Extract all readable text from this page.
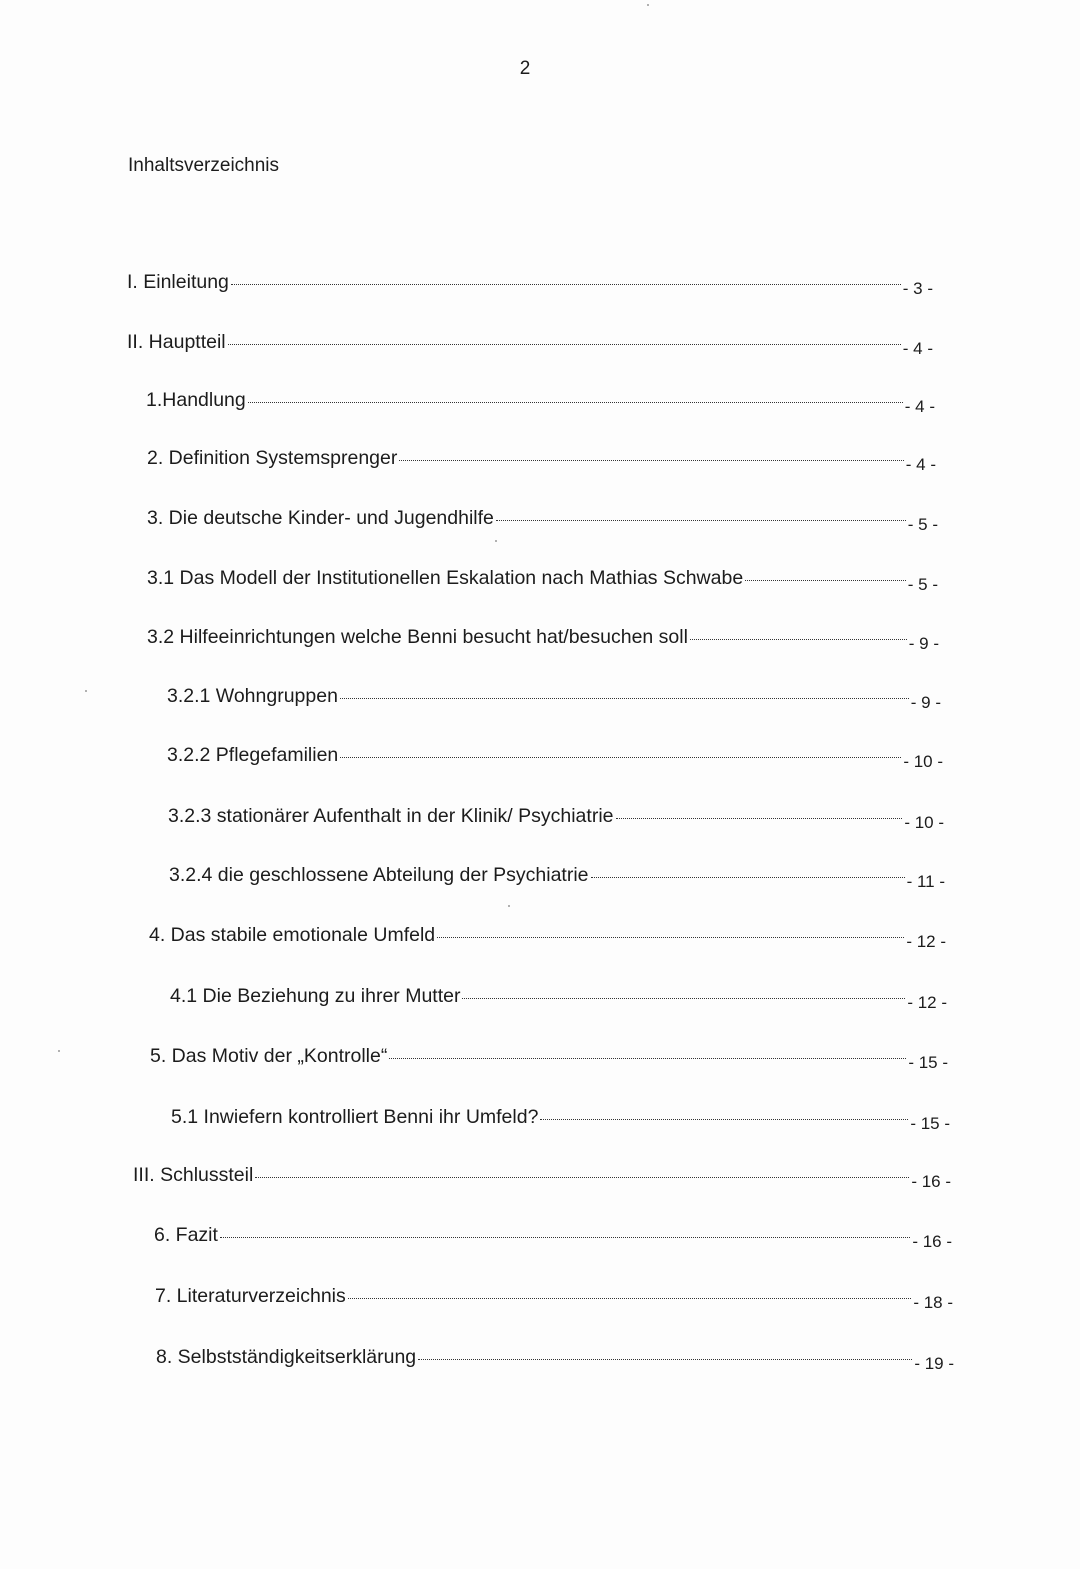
2
Inhaltsverzeichnis
I. Einleitung	- 3 -
II. Hauptteil	- 4 -
1.Handlung	- 4 -
2. Definition Systemsprenger	- 4 -
3. Die deutsche Kinder- und Jugendhilfe	- 5 -
3.1 Das Modell der Institutionellen Eskalation nach Mathias Schwabe	- 5 -
3.2 Hilfeeinrichtungen welche Benni besucht hat/besuchen soll	- 9 -
3.2.1 Wohngruppen	- 9 -
3.2.2 Pflegefamilien	- 10 -
3.2.3 stationärer Aufenthalt in der Klinik/ Psychiatrie	- 10 -
3.2.4 die geschlossene Abteilung der Psychiatrie	- 11 -
4. Das stabile emotionale Umfeld	- 12 -
4.1 Die Beziehung zu ihrer Mutter	- 12 -
5. Das Motiv der „Kontrolle“	- 15 -
5.1 Inwiefern kontrolliert Benni ihr Umfeld?	- 15 -
III. Schlussteil	- 16 -
6. Fazit	- 16 -
7. Literaturverzeichnis	- 18 -
8. Selbstständigkeitserklärung	- 19 -
